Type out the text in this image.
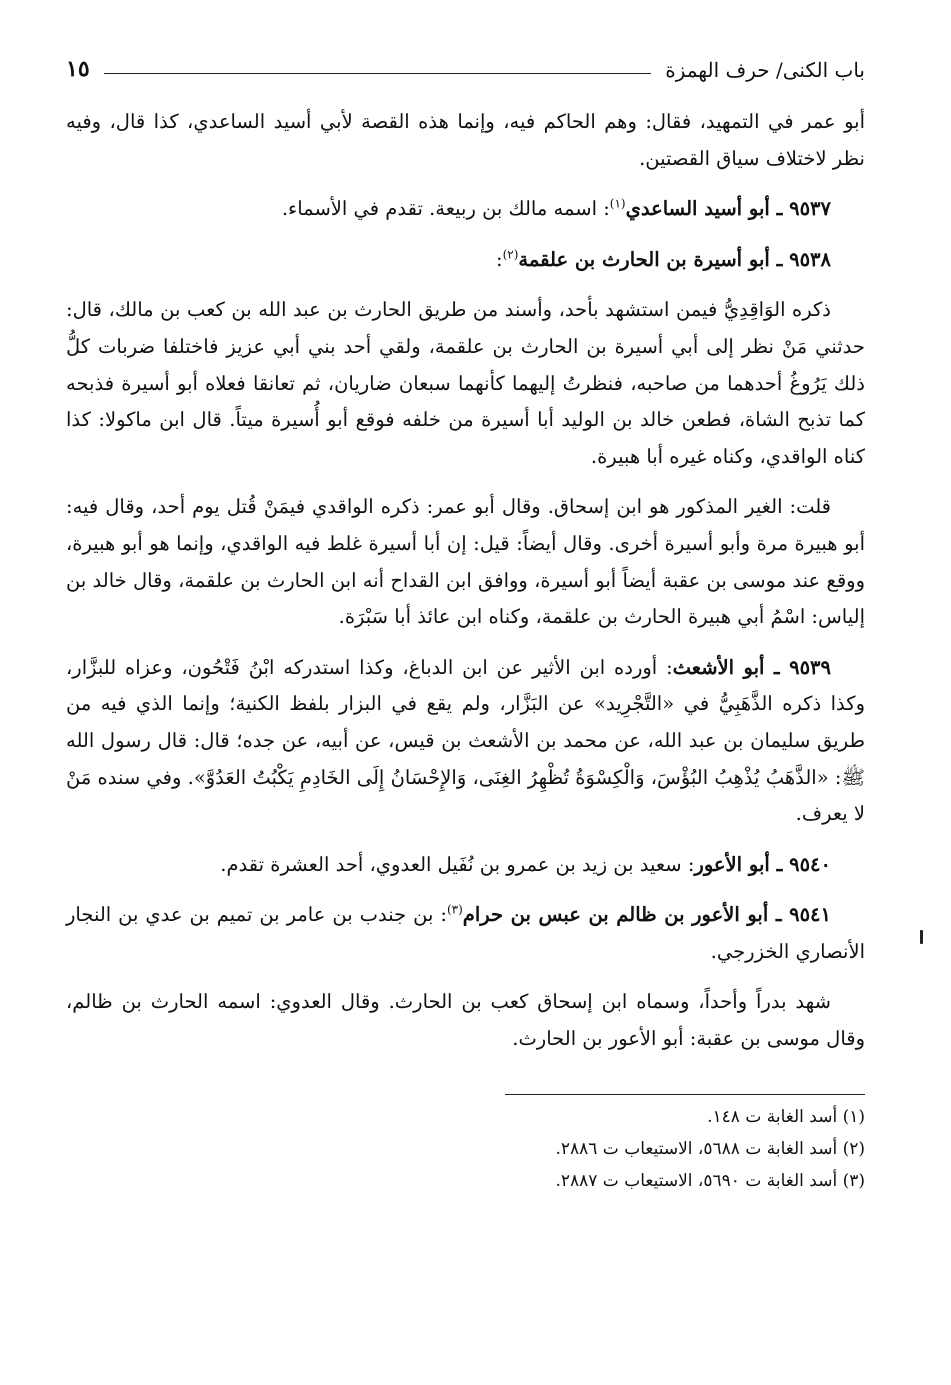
باب الكنى/ حرف الهمزة
١٥

أبو عمر في التمهيد، فقال: وهم الحاكم فيه، وإنما هذه القصة لأبي أسيد الساعدي، كذا قال، وفيه نظر لاختلاف سياق القصتين.

٩٥٣٧ ـ أبو أسيد الساعدي$^{(١)}$: اسمه مالك بن ربيعة. تقدم في الأسماء.

٩٥٣٨ ـ أبو أسيرة بن الحارث بن علقمة$^{(٢)}$:

ذكره الوَاقِدِيُّ فيمن استشهد بأحد، وأسند من طريق الحارث بن عبد الله بن كعب بن مالك، قال: حدثني مَنْ نظر إلى أبي أسيرة بن الحارث بن علقمة، ولقي أحد بني أبي عزيز فاختلفا ضربات كلُّ ذلك يَرُوغُ أحدهما من صاحبه، فنظرتُ إليهما كأنهما سبعان ضاريان، ثم تعانقا فعلاه أبو أسيرة فذبحه كما تذبح الشاة، فطعن خالد بن الوليد أبا أسيرة من خلفه فوقع أبو أُسيرة ميتاً. قال ابن ماكولا: كذا كناه الواقدي، وكناه غيره أبا هبيرة.

قلت: الغير المذكور هو ابن إسحاق. وقال أبو عمر: ذكره الواقدي فيمَنْ قُتل يوم أحد، وقال فيه: أبو هبيرة مرة وأبو أسيرة أخرى. وقال أيضاً: قيل: إن أبا أسيرة غلط فيه الواقدي، وإنما هو أبو هبيرة، ووقع عند موسى بن عقبة أيضاً أبو أسيرة، ووافق ابن القداح أنه ابن الحارث بن علقمة، وقال خالد بن إلياس: اسْمُ أبي هبيرة الحارث بن علقمة، وكناه ابن عائذ أبا سَبْرَة.

٩٥٣٩ ـ أبو الأشعث: أورده ابن الأثير عن ابن الدباغ، وكذا استدركه ابْنُ فَتْحُون، وعزاه للبزَّار، وكذا ذكره الذَّهَبِيُّ في «التَّجْرِيد» عن البَزَّار، ولم يقع في البزار بلفظ الكنية؛ وإنما الذي فيه من طريق سليمان بن عبد الله، عن محمد بن الأشعث بن قيس، عن أبيه، عن جده؛ قال: قال رسول الله ﷺ: «الذَّهَبُ يُذْهِبُ البُؤْسَ، وَالْكِسْوَةُ تُظْهِرُ الغِنَى، وَالإِحْسَانُ إِلَى الخَادِمِ يَكْبُتُ العَدُوَّ». وفي سنده مَنْ لا يعرف.

٩٥٤٠ ـ أبو الأعور: سعيد بن زيد بن عمرو بن نُفَيل العدوي، أحد العشرة تقدم.

٩٥٤١ ـ أبو الأعور بن ظالم بن عبس بن حرام$^{(٣)}$: بن جندب بن عامر بن تميم بن عدي بن النجار الأنصاري الخزرجي.

شهد بدراً وأحداً، وسماه ابن إسحاق كعب بن الحارث. وقال العدوي: اسمه الحارث بن ظالم، وقال موسى بن عقبة: أبو الأعور بن الحارث.

(١) أسد الغابة ت ١٤٨.
(٢) أسد الغابة ت ٥٦٨٨، الاستيعاب ت ٢٨٨٦.
(٣) أسد الغابة ت ٥٦٩٠، الاستيعاب ت ٢٨٨٧.
